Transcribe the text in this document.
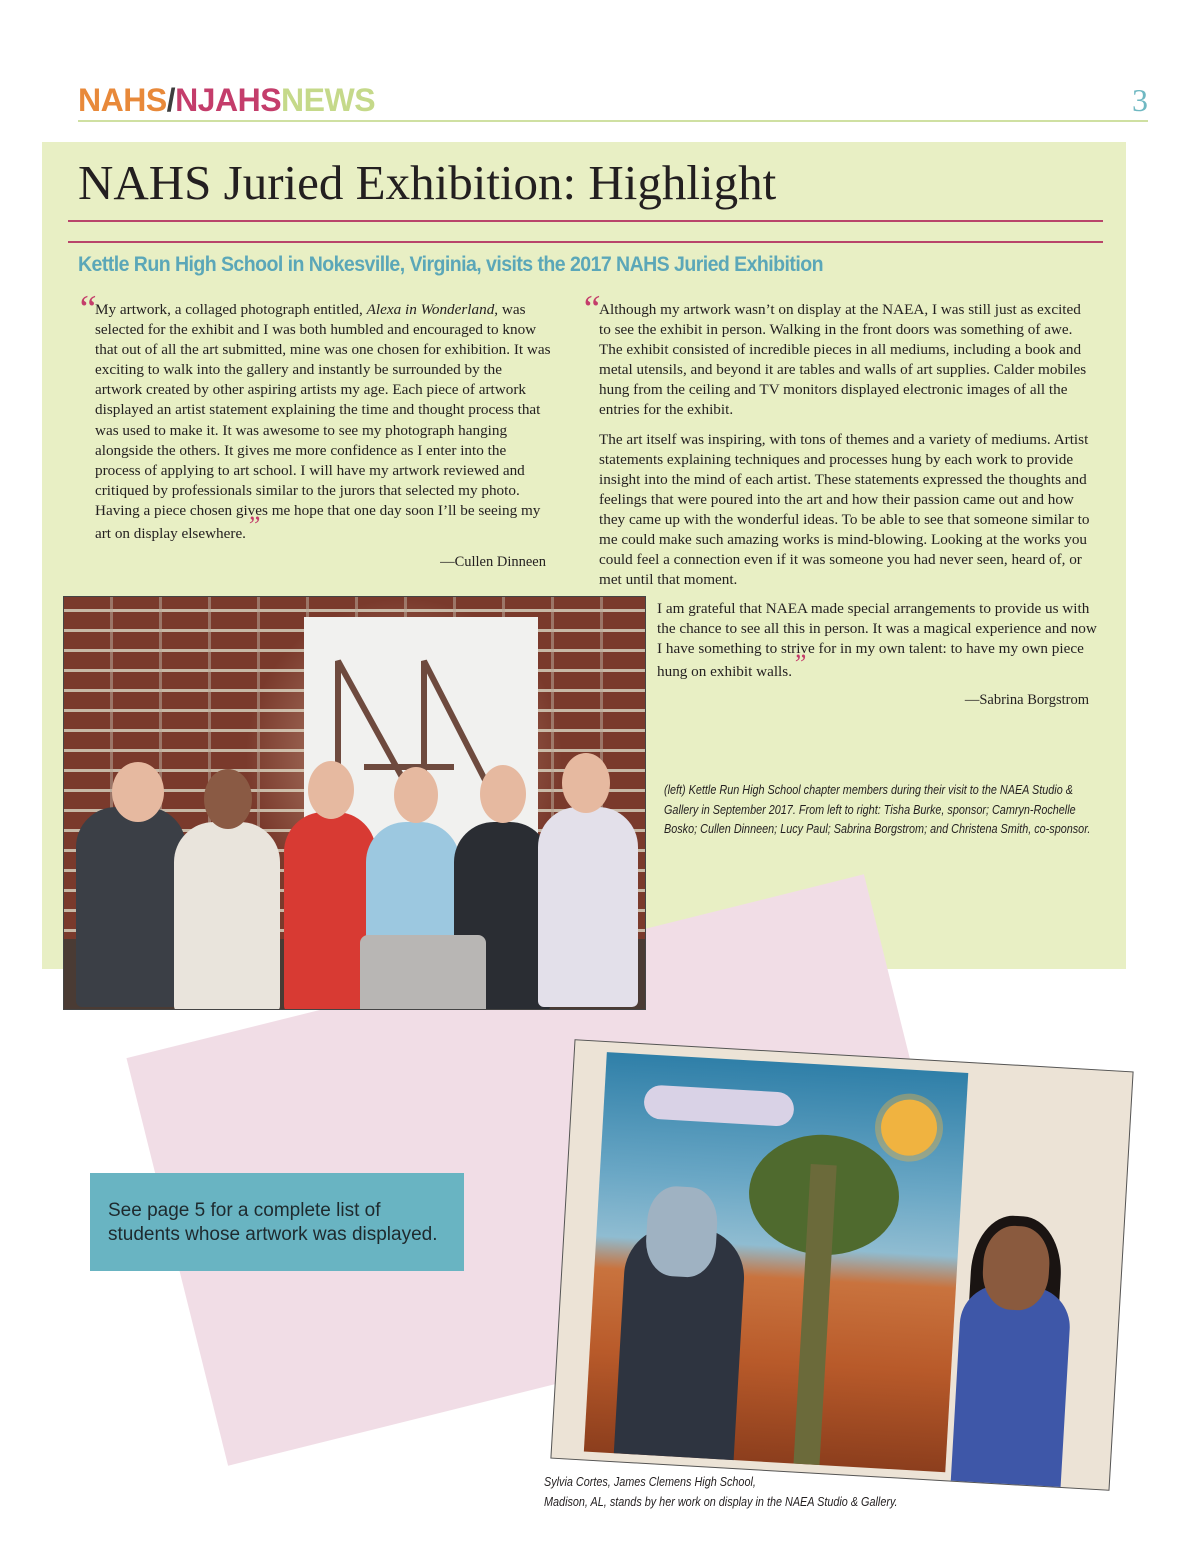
NAHS/NJAHSNEWS	3
NAHS Juried Exhibition: Highlight
Kettle Run High School in Nokesville, Virginia, visits the 2017 NAHS Juried Exhibition
“

My artwork, a collaged photograph entitled, Alexa in Wonderland, was selected for the exhibit and I was both humbled and encouraged to know that out of all the art submitted, mine was one chosen for exhibition. It was exciting to walk into the gallery and instantly be surrounded by the artwork created by other aspiring artists my age. Each piece of artwork displayed an artist statement explaining the time and thought process that was used to make it. It was awesome to see my photograph hanging alongside the others. It gives me more confidence as I enter into the process of applying to art school. I will have my artwork reviewed and critiqued by professionals similar to the jurors that selected my photo. Having a piece chosen gives me hope that one day soon I’ll be seeing my art on display elsewhere.”

—Cullen Dinneen
“

Although my artwork wasn’t on display at the NAEA, I was still just as excited to see the exhibit in person. Walking in the front doors was something of awe. The exhibit consisted of incredible pieces in all mediums, including a book and metal utensils, and beyond it are tables and walls of art supplies. Calder mobiles hung from the ceiling and TV monitors displayed electronic images of all the entries for the exhibit.

The art itself was inspiring, with tons of themes and a variety of mediums. Artist statements explaining techniques and processes hung by each work to provide insight into the mind of each artist. These statements expressed the thoughts and feelings that were poured into the art and how their passion came out and how they came up with the wonderful ideas. To be able to see that someone similar to me could make such amazing works is mind-blowing. Looking at the works you could feel a connection even if it was someone you had never seen, heard of, or met until that moment.

I am grateful that NAEA made special arrangements to provide us with the chance to see all this in person. It was a magical experience and now I have something to strive for in my own talent: to have my own piece hung on exhibit walls.”

—Sabrina Borgstrom
(left) Kettle Run High School chapter members during their visit to the NAEA Studio & Gallery in September 2017. From left to right: Tisha Burke, sponsor; Camryn-Rochelle Bosko; Cullen Dinneen; Lucy Paul; Sabrina Borgstrom; and Christena Smith, co-sponsor.
Sylvia Cortes, James Clemens High School,
Madison, AL, stands by her work on display in the NAEA Studio & Gallery.
See page 5 for a complete list of students whose artwork was displayed.
